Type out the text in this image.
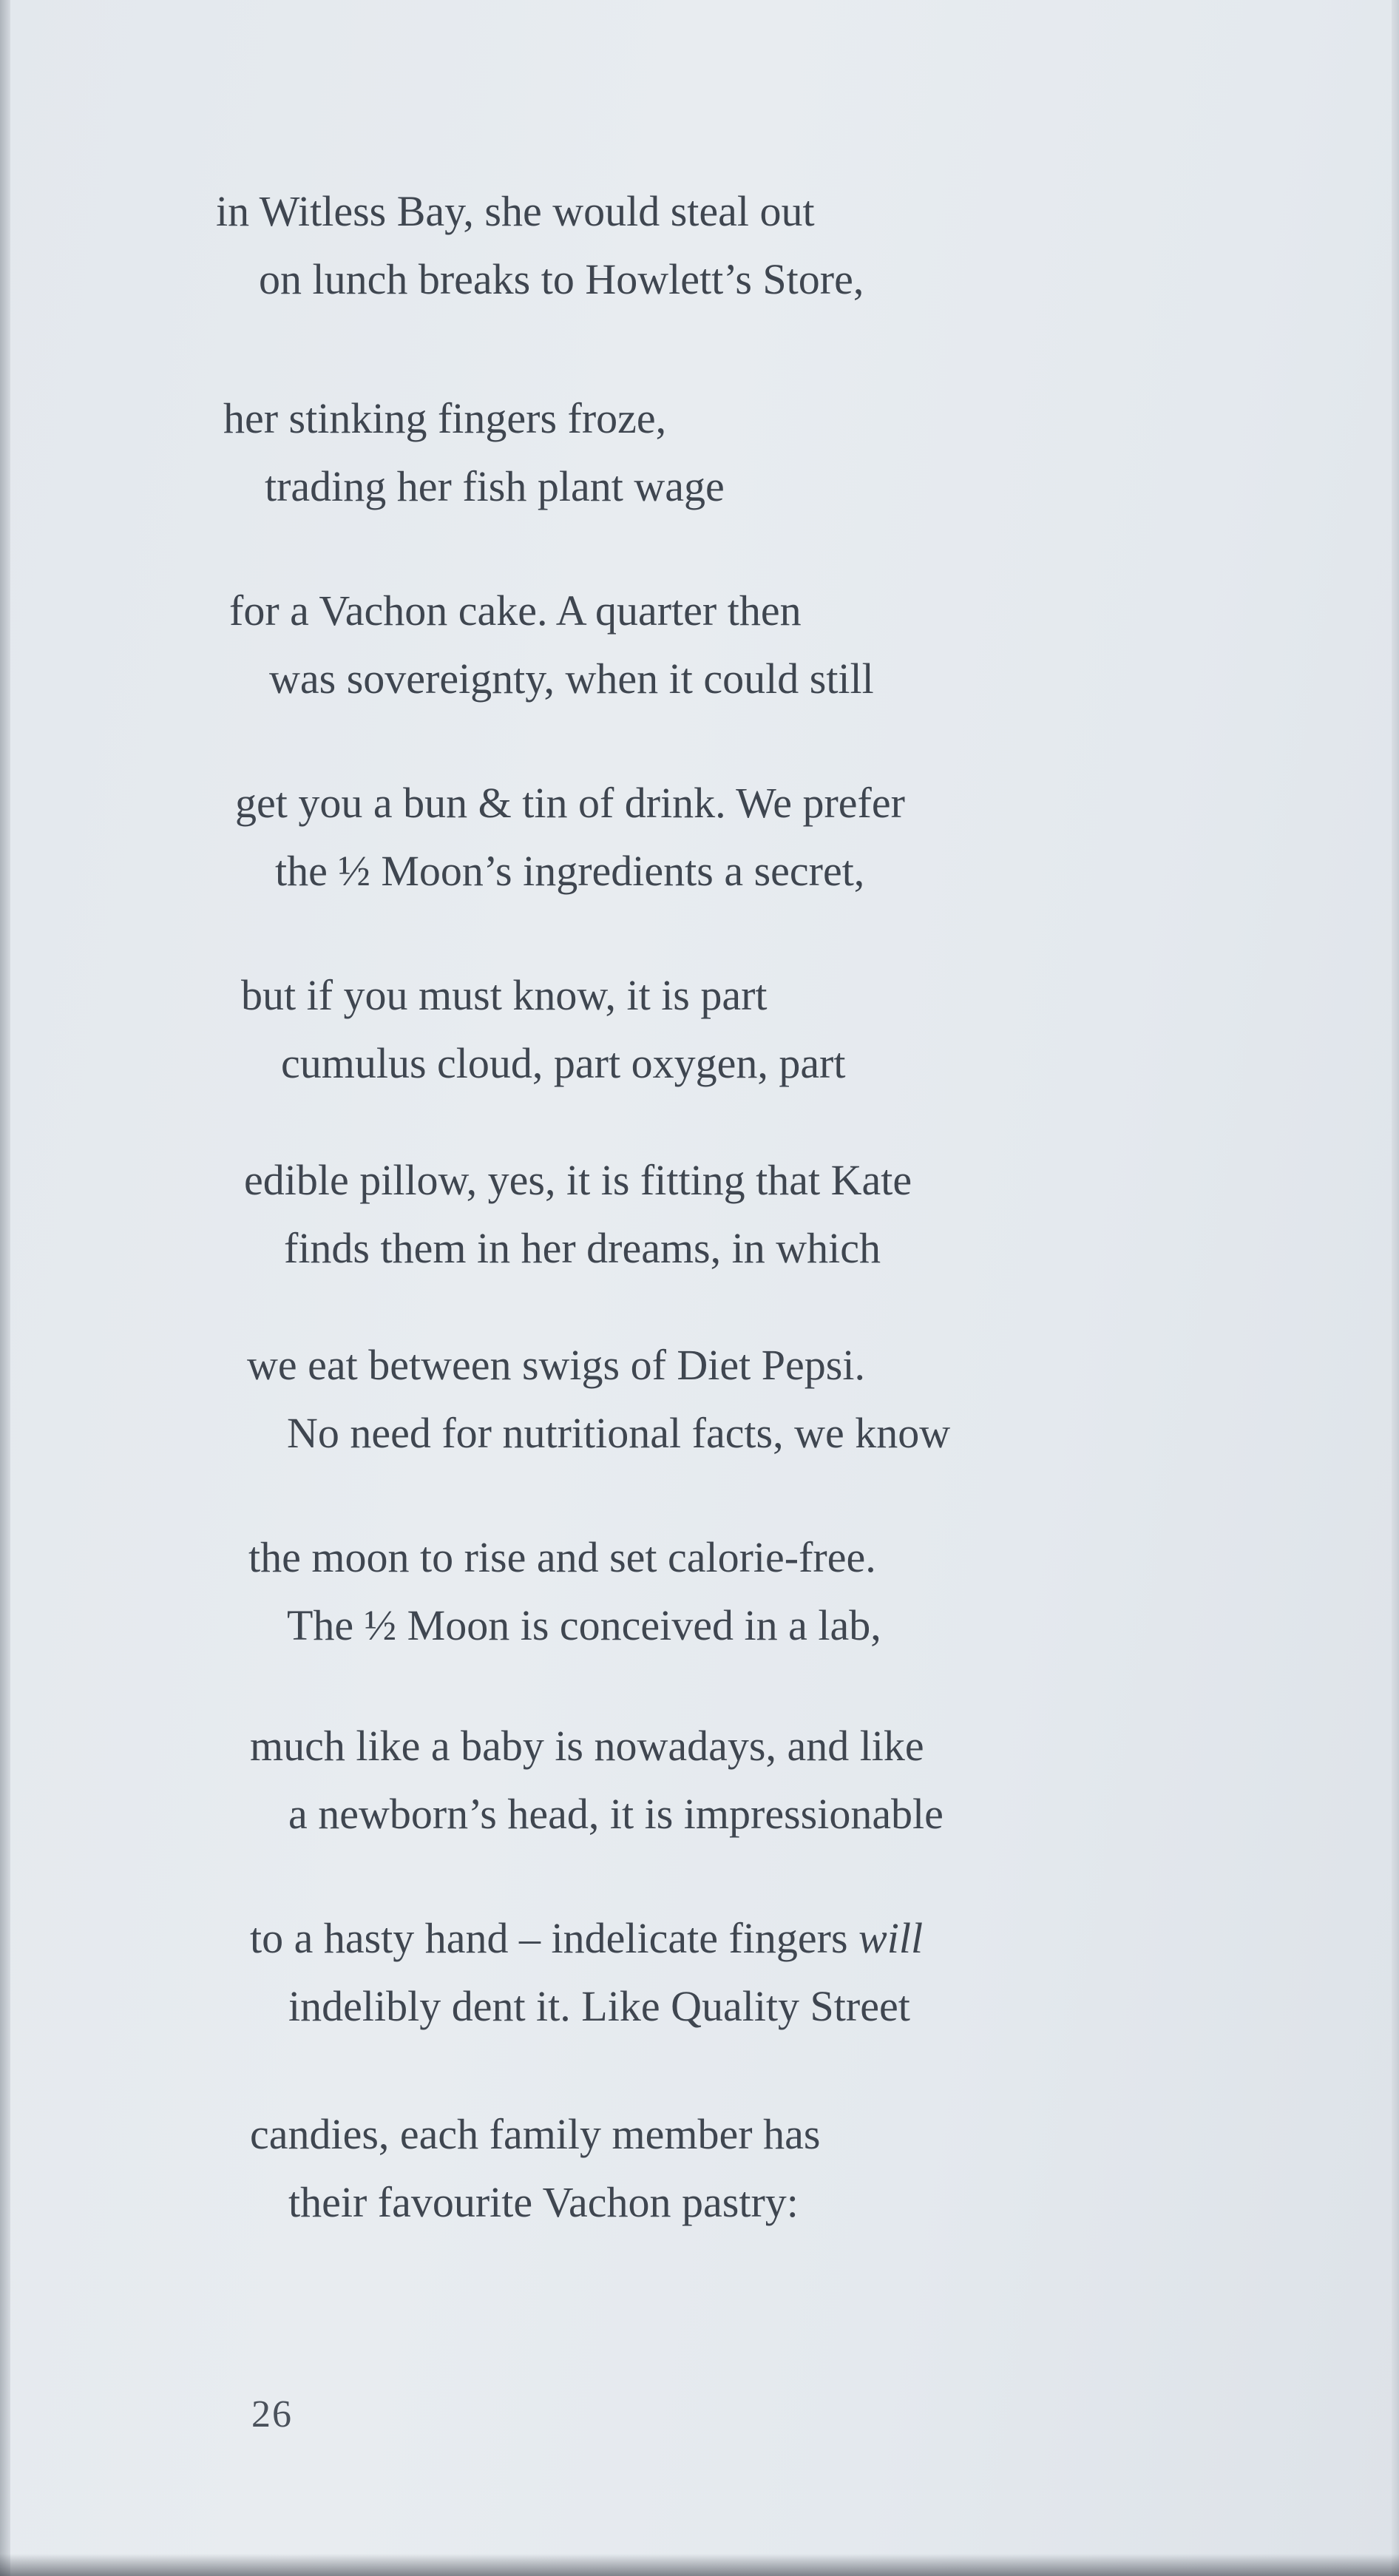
in Witless Bay, she would steal out
on lunch breaks to Howlett’s Store,
her stinking fingers froze,
trading her fish plant wage
for a Vachon cake. A quarter then
was sovereignty, when it could still
get you a bun & tin of drink. We prefer
the ½ Moon’s ingredients a secret,
but if you must know, it is part
cumulus cloud, part oxygen, part
edible pillow, yes, it is fitting that Kate
finds them in her dreams, in which
we eat between swigs of Diet Pepsi.
No need for nutritional facts, we know
the moon to rise and set calorie-free.
The ½ Moon is conceived in a lab,
much like a baby is nowadays, and like
a newborn’s head, it is impressionable
to a hasty hand – indelicate fingers will
indelibly dent it. Like Quality Street
candies, each family member has
their favourite Vachon pastry:
26
